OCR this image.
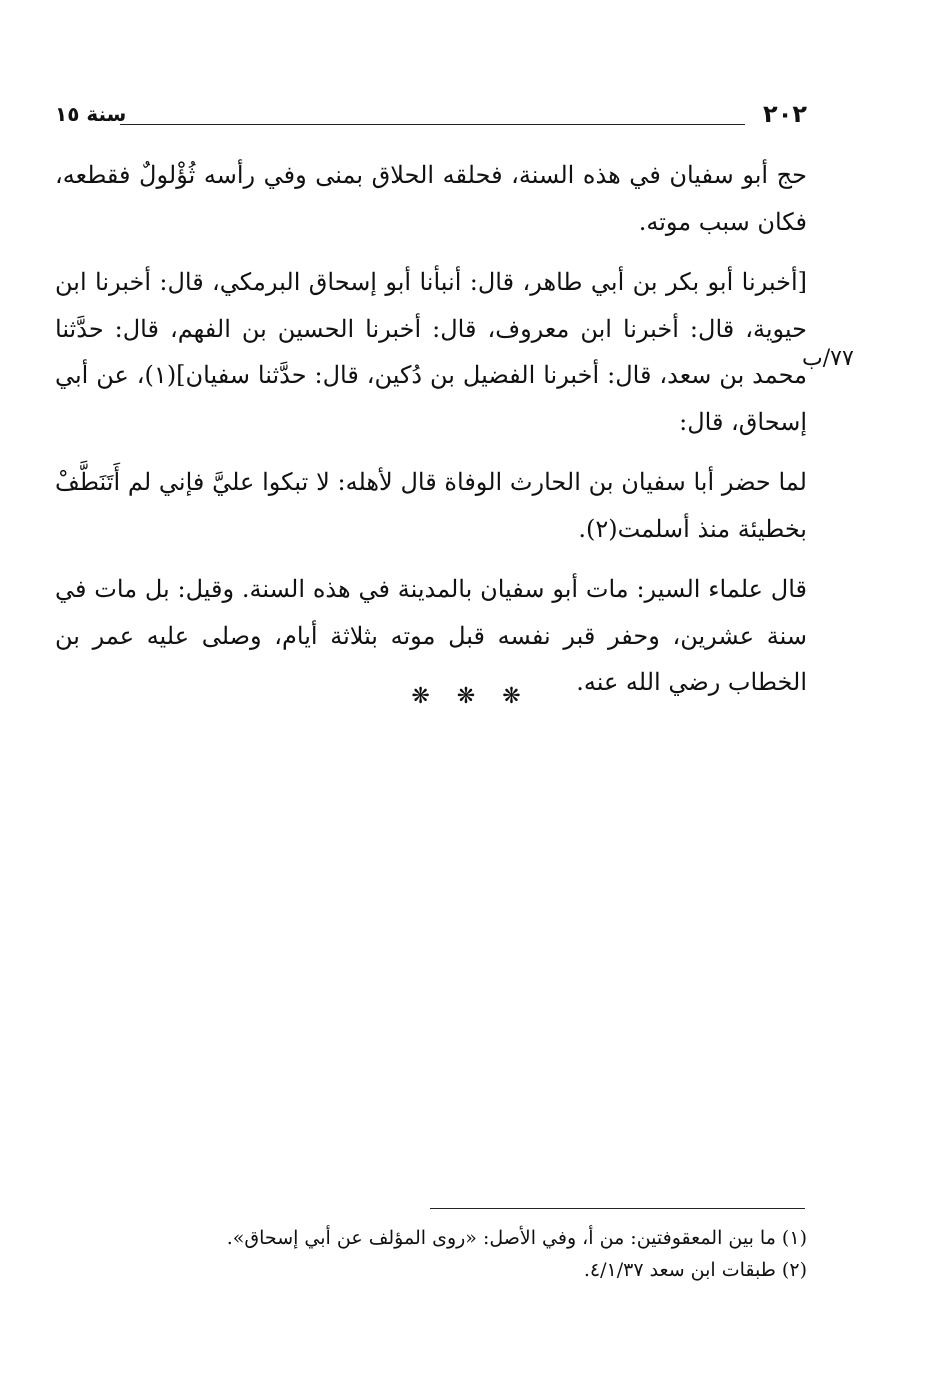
٢٠٢
سنة ١٥

حج أبو سفيان في هذه السنة، فحلقه الحلاق بمنى وفي رأسه ثُؤْلولٌ فقطعه، فكان سبب موته.

[أخبرنا أبو بكر بن أبي طاهر، قال: أنبأنا أبو إسحاق البرمكي، قال: أخبرنا ابن حيوية، قال: أخبرنا ابن معروف، قال: أخبرنا الحسين بن الفهم، قال: حدَّثنا محمد بن سعد، قال: أخبرنا الفضيل بن دُكين، قال: حدَّثنا سفيان](١)، عن أبي إسحاق، قال:

لما حضر أبا سفيان بن الحارث الوفاة قال لأهله: لا تبكوا عليَّ فإني لم أَتَنَطَّفْ بخطيئة منذ أسلمت(٢).

قال علماء السير: مات أبو سفيان بالمدينة في هذه السنة. وقيل: بل مات في سنة عشرين، وحفر قبر نفسه قبل موته بثلاثة أيام، وصلى عليه عمر بن الخطاب رضي الله عنه.

٧٧/ب
❋ ❋ ❋

(١) ما بين المعقوفتين: من أ، وفي الأصل: «روى المؤلف عن أبي إسحاق».

(٢) طبقات ابن سعد ٤/١/٣٧.
